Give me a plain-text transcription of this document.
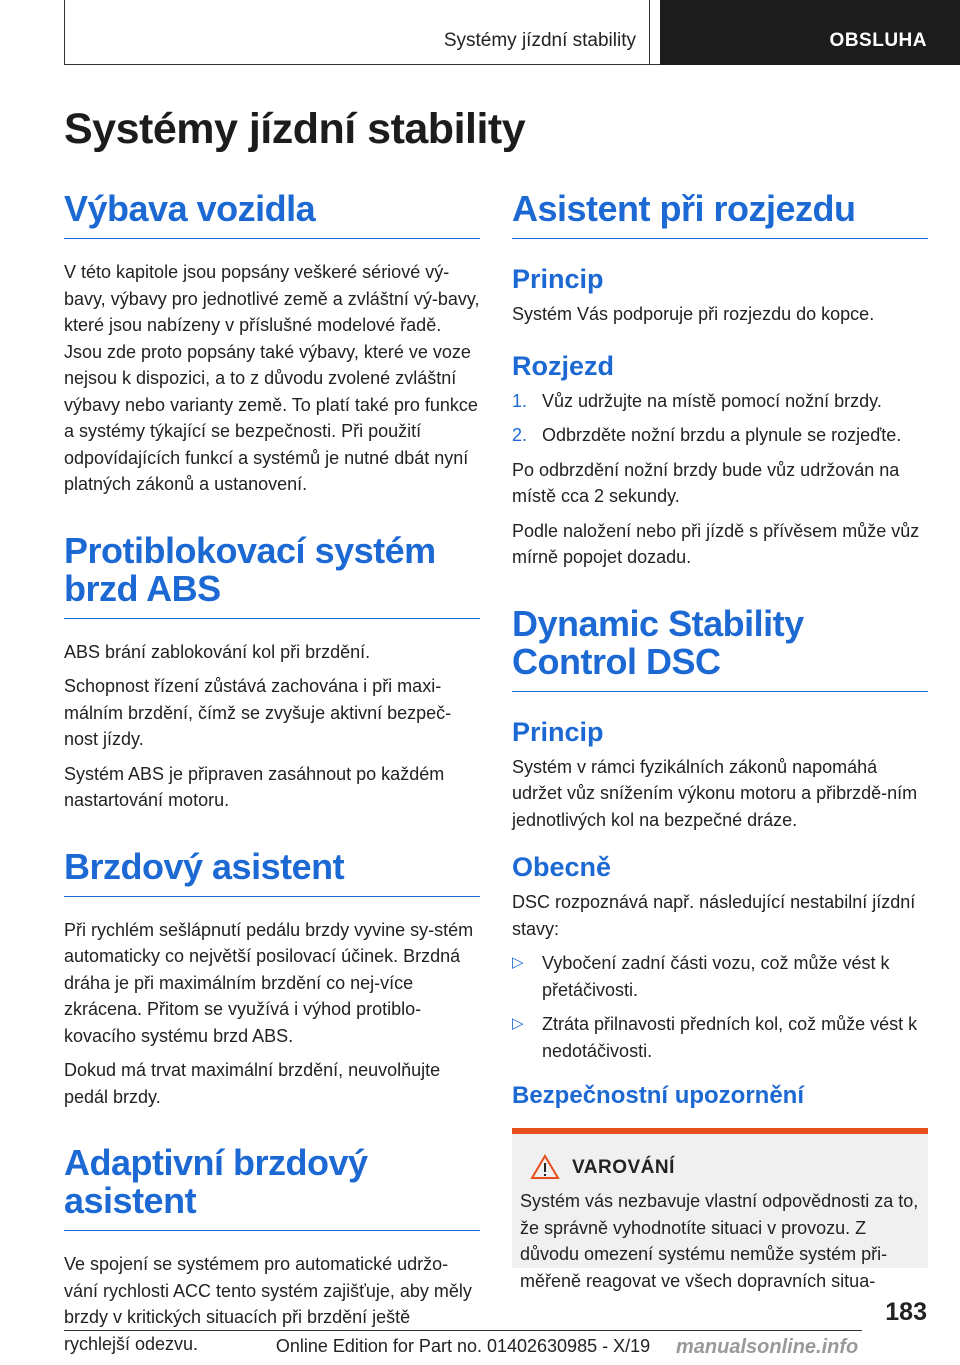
Systémy jízdní stability	OBSLUHA
Systémy jízdní stability
Výbava vozidla

V této kapitole jsou popsány veškeré sériové vý-bavy, výbavy pro jednotlivé země a zvláštní vý-bavy, které jsou nabízeny v příslušné modelové řadě. Jsou zde proto popsány také výbavy, které ve voze nejsou k dispozici, a to z důvodu zvolené zvláštní výbavy nebo varianty země. To platí také pro funkce a systémy týkající se bezpečnosti. Při použití odpovídajících funkcí a systémů je nutné dbát nyní platných zákonů a ustanovení.

Protiblokovací systém brzd ABS

ABS brání zablokování kol při brzdění.

Schopnost řízení zůstává zachována i při maxi-málním brzdění, čímž se zvyšuje aktivní bezpeč-nost jízdy.

Systém ABS je připraven zasáhnout po každém nastartování motoru.

Brzdový asistent

Při rychlém sešlápnutí pedálu brzdy vyvine sy-stém automaticky co největší posilovací účinek. Brzdná dráha je při maximálním brzdění co nej-více zkrácena. Přitom se využívá i výhod protiblo-kovacího systému brzd ABS.

Dokud má trvat maximální brzdění, neuvolňujte pedál brzdy.

Adaptivní brzdový asistent

Ve spojení se systémem pro automatické udržo-vání rychlosti ACC tento systém zajišťuje, aby měly brzdy v kritických situacích při brzdění ještě rychlejší odezvu.

Asistent při rozjezdu
Princip

Systém Vás podporuje při rozjezdu do kopce.

Rozjezd
1. Vůz udržujte na místě pomocí nožní brzdy.
2. Odbrzděte nožní brzdu a plynule se rozjeďte.

Po odbrzdění nožní brzdy bude vůz udržován na místě cca 2 sekundy.

Podle naložení nebo při jízdě s přívěsem může vůz mírně popojet dozadu.

Dynamic Stability Control DSC
Princip

Systém v rámci fyzikálních zákonů napomáhá udržet vůz snížením výkonu motoru a přibrzdě-ním jednotlivých kol na bezpečné dráze.

Obecně

DSC rozpoznává např. následující nestabilní jízdní stavy:

▷	Vybočení zadní části vozu, což může vést k přetáčivosti.
▷	Ztráta přilnavosti předních kol, což může vést k nedotáčivosti.
Bezpečnostní upozornění
VAROVÁNÍ

Systém vás nezbavuje vlastní odpovědnosti za to, že správně vyhodnotíte situaci v provozu. Z důvodu omezení systému nemůže systém při-měřeně reagovat ve všech dopravních situa-

183
Online Edition for Part no. 01402630985 - X/19	manualsonline.info
